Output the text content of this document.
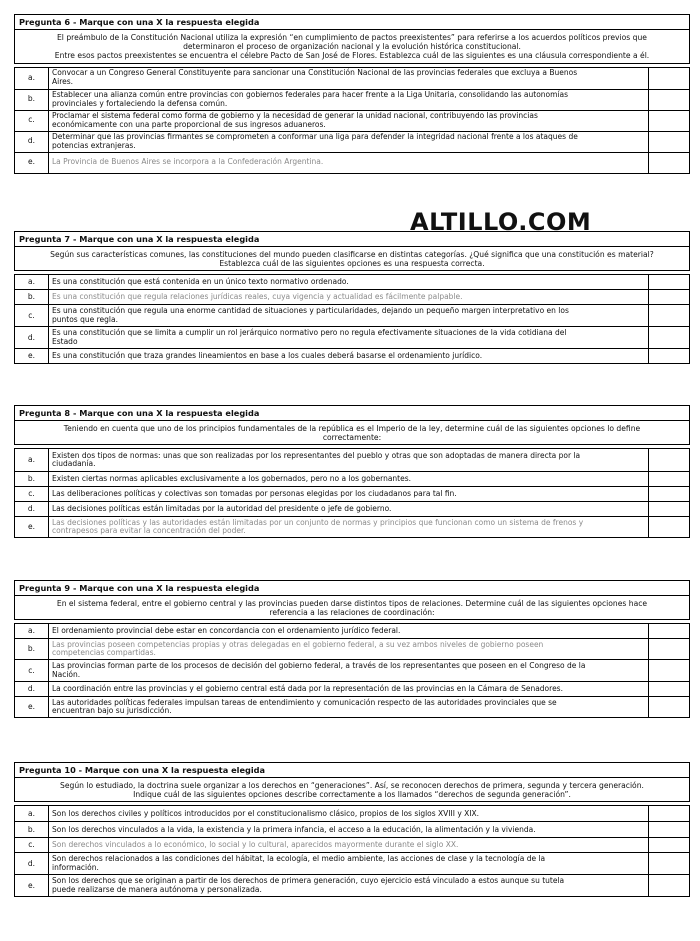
ALTILLO.COM
Pregunta 6 - Marque con una X la respuesta elegida
El preámbulo de la Constitución Nacional utiliza la expresión “en cumplimiento de pactos preexistentes” para referirse a los acuerdos políticos previos que
determinaron el proceso de organización nacional y la evolución histórica constitucional.
Entre esos pactos preexistentes se encuentra el célebre Pacto de San José de Flores. Establezca cuál de las siguientes es una cláusula correspondiente a él.
a.	Convocar a un Congreso General Constituyente para sancionar una Constitución Nacional de las provincias federales que excluya a Buenos
Aires.	

b.	Establecer una alianza común entre provincias con gobiernos federales para hacer frente a la Liga Unitaria, consolidando las autonomías
provinciales y fortaleciendo la defensa común.	

c.	Proclamar el sistema federal como forma de gobierno y la necesidad de generar la unidad nacional, contribuyendo las provincias
económicamente con una parte proporcional de sus ingresos aduaneros.	

d.	Determinar que las provincias firmantes se comprometen a conformar una liga para defender la integridad nacional frente a los ataques de
potencias extranjeras.	

e.	La Provincia de Buenos Aires se incorpora a la Confederación Argentina.	

Pregunta 7 - Marque con una X la respuesta elegida
Según sus características comunes, las constituciones del mundo pueden clasificarse en distintas categorías. ¿Qué significa que una constitución es material?
Establezca cuál de las siguientes opciones es una respuesta correcta.
a.	Es una constitución que está contenida en un único texto normativo ordenado.	

b.	Es una constitución que regula relaciones jurídicas reales, cuya vigencia y actualidad es fácilmente palpable.	

c.	Es una constitución que regula una enorme cantidad de situaciones y particularidades, dejando un pequeño margen interpretativo en los
puntos que regla.	

d.	Es una constitución que se limita a cumplir un rol jerárquico normativo pero no regula efectivamente situaciones de la vida cotidiana del
Estado	

e.	Es una constitución que traza grandes lineamientos en base a los cuales deberá basarse el ordenamiento jurídico.	

Pregunta 8 - Marque con una X la respuesta elegida
Teniendo en cuenta que uno de los principios fundamentales de la república es el Imperio de la ley, determine cuál de las siguientes opciones lo define
correctamente:
a.	Existen dos tipos de normas: unas que son realizadas por los representantes del pueblo y otras que son adoptadas de manera directa por la
ciudadanía.	

b.	Existen ciertas normas aplicables exclusivamente a los gobernados, pero no a los gobernantes.	

c.	Las deliberaciones políticas y colectivas son tomadas por personas elegidas por los ciudadanos para tal fin.	

d.	Las decisiones políticas están limitadas por la autoridad del presidente o jefe de gobierno.	

e.	Las decisiones políticas y las autoridades están limitadas por un conjunto de normas y principios que funcionan como un sistema de frenos y
contrapesos para evitar la concentración del poder.	

Pregunta 9 - Marque con una X la respuesta elegida
En el sistema federal, entre el gobierno central y las provincias pueden darse distintos tipos de relaciones. Determine cuál de las siguientes opciones hace
referencia a las relaciones de coordinación:
a.	El ordenamiento provincial debe estar en concordancia con el ordenamiento jurídico federal.	

b.	Las provincias poseen competencias propias y otras delegadas en el gobierno federal, a su vez ambos niveles de gobierno poseen
competencias compartidas.	

c.	Las provincias forman parte de los procesos de decisión del gobierno federal, a través de los representantes que poseen en el Congreso de la
Nación.	

d.	La coordinación entre las provincias y el gobierno central está dada por la representación de las provincias en la Cámara de Senadores.	

e.	Las autoridades políticas federales impulsan tareas de entendimiento y comunicación respecto de las autoridades provinciales que se
encuentran bajo su jurisdicción.	

Pregunta 10 - Marque con una X la respuesta elegida
Según lo estudiado, la doctrina suele organizar a los derechos en “generaciones”. Así, se reconocen derechos de primera, segunda y tercera generación.
Indique cuál de las siguientes opciones describe correctamente a los llamados “derechos de segunda generación”.
a.	Son los derechos civiles y políticos introducidos por el constitucionalismo clásico, propios de los siglos XVIII y XIX.	

b.	Son los derechos vinculados a la vida, la existencia y la primera infancia, el acceso a la educación, la alimentación y la vivienda.	

c.	Son derechos vinculados a lo económico, lo social y lo cultural, aparecidos mayormente durante el siglo XX.	

d.	Son derechos relacionados a las condiciones del hábitat, la ecología, el medio ambiente, las acciones de clase y la tecnología de la
información.	

e.	Son los derechos que se originan a partir de los derechos de primera generación, cuyo ejercicio está vinculado a estos aunque su tutela
puede realizarse de manera autónoma y personalizada.	
